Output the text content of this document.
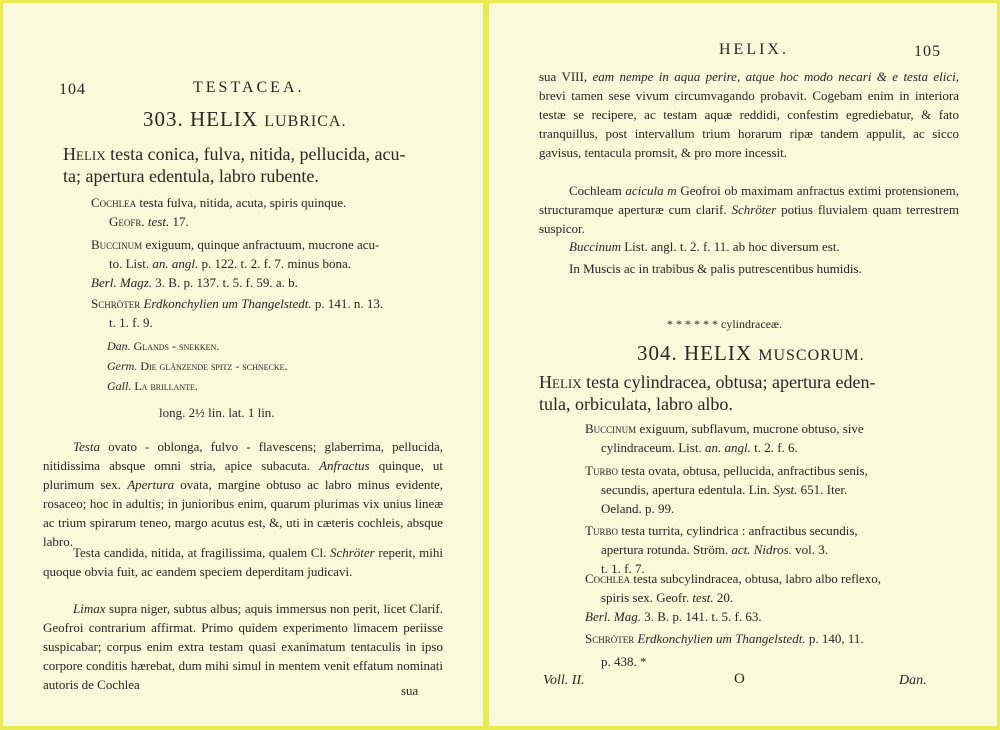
104	TESTACEA.
303. HELIX LUBRICA.
Helix testa conica, fulva, nitida, pellucida, acu-
ta; apertura edentula, labro rubente.
Cochlea testa fulva, nitida, acuta, spiris quinque.
Geofr. test. 17.
Buccinum exiguum, quinque anfractuum, mucrone acu-
to. List. an. angl. p. 122. t. 2. f. 7. minus bona.
Berl. Magz. 3. B. p. 137. t. 5. f. 59. a. b.
Schröter Erdkonchylien um Thangelstedt. p. 141. n. 13.
t. 1. f. 9.
Dan. Glands - snekken.
Germ. Die glänzende spitz - schnecke.
Gall. La brillante.
long. 2½ lin. lat. 1 lin.

Testa ovato - oblonga, fulvo - flavescens; glaberrima, pellucida, nitidissima absque omni stria, apice subacuta. Anfractus quinque, ut plurimum sex. Apertura ovata, margine obtuso ac labro minus evidente, rosaceo; hoc in adultis; in junioribus enim, quarum plurimas vix unius lineæ ac trium spirarum teneo, margo acutus est, &, uti in cæteris cochleis, absque labro.

Testa candida, nitida, at fragilissima, qualem Cl. Schröter reperit, mihi quoque obvia fuit, ac eandem speciem deperditam judicavi.

Limax supra niger, subtus albus; aquis immersus non perit, licet Clarif. Geofroi contrarium affirmat. Primo quidem experimento limacem periisse suspicabar; corpus enim extra testam quasi exanimatum tentaculis in ipso corpore conditis hærebat, dum mihi simul in mentem venit effatum nominati autoris de Cochlea	sua
HELIX.	105

sua VIII, eam nempe in aqua perire, atque hoc modo necari & e testa elici, brevi tamen sese vivum circumvagando probavit. Cogebam enim in interiora testæ se recipere, ac testam aquæ reddidi, confestim egrediebatur, & fato tranquillus, post intervallum trium horarum ripæ tandem appulit, ac sicco gavisus, tentacula promsit, & pro more incessit.

Cochleam acicula m Geofroi ob maximam anfractus extimi protensionem, structuramque aperturæ cum clarif. Schröter potius fluvialem quam terrestrem suspicor.

Buccinum List. angl. t. 2. f. 11. ab hoc diversum est.

In Muscis ac in trabibus & palis putrescentibus humidis.

* * * * * * cylindraceæ.
304. HELIX MUSCORUM.
Helix testa cylindracea, obtusa; apertura eden-
tula, orbiculata, labro albo.
Buccinum exiguum, subflavum, mucrone obtuso, sive
cylindraceum. List. an. angl. t. 2. f. 6.
Turbo testa ovata, obtusa, pellucida, anfractibus senis,
secundis, apertura edentula. Lin. Syst. 651. Iter.
Oeland. p. 99.
Turbo testa turrita, cylindrica : anfractibus secundis,
apertura rotunda. Ström. act. Nidros. vol. 3.
t. 1. f. 7.
Cochlea testa subcylindracea, obtusa, labro albo reflexo,
spiris sex. Geofr. test. 20.
Berl. Mag. 3. B. p. 141. t. 5. f. 63.
Schröter Erdkonchylien um Thangelstedt. p. 140, 11.
p. 438. *
Voll. II.	O	Dan.
